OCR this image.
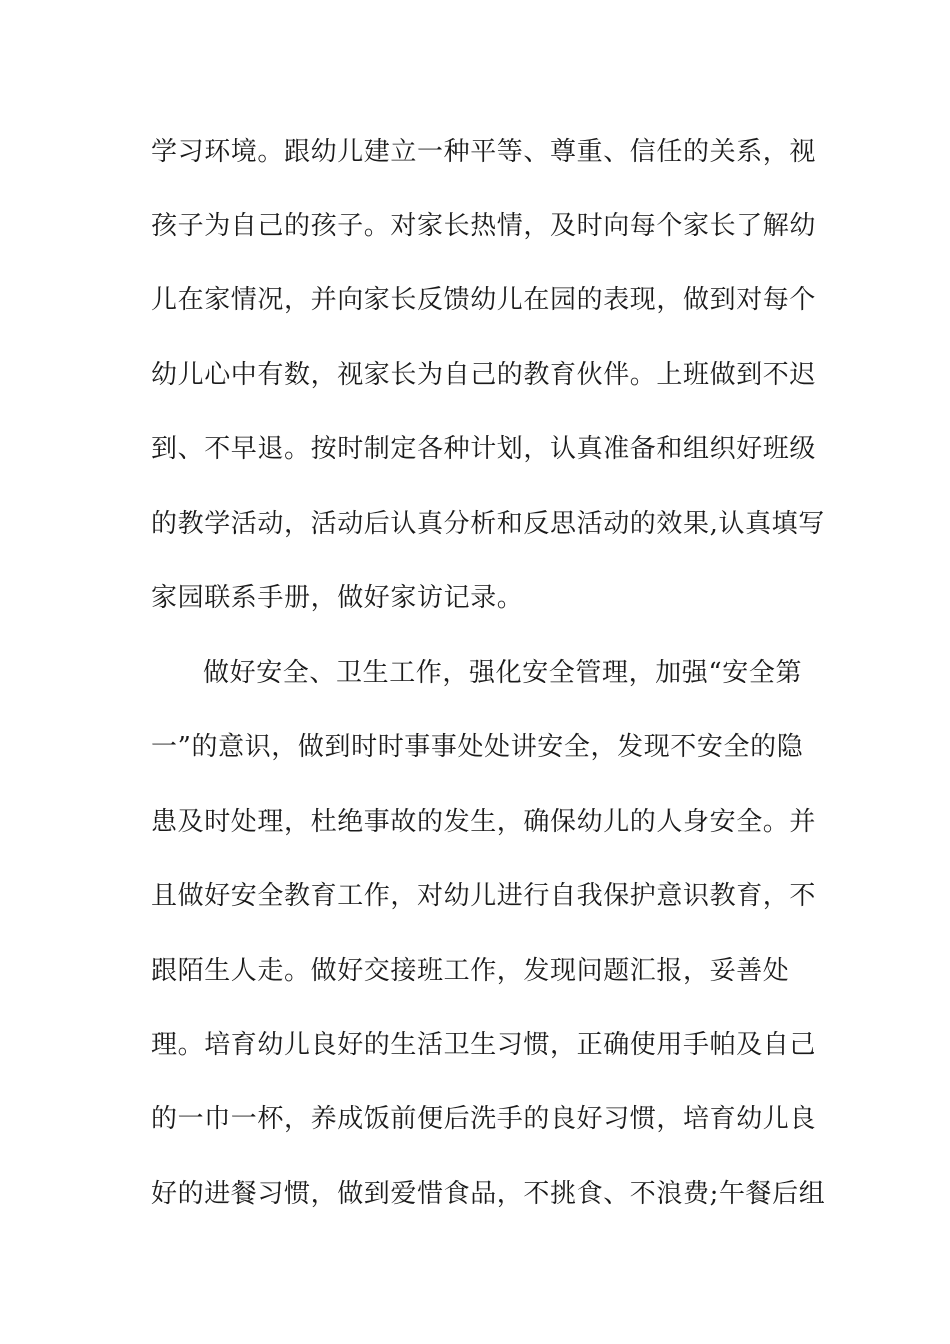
学习环境。跟幼儿建立一种平等、尊重、信任的关系，视
孩子为自己的孩子。对家长热情，及时向每个家长了解幼
儿在家情况，并向家长反馈幼儿在园的表现，做到对每个
幼儿心中有数，视家长为自己的教育伙伴。上班做到不迟
到、不早退。按时制定各种计划，认真准备和组织好班级
的教学活动，活动后认真分析和反思活动的效果,认真填写
家园联系手册，做好家访记录。
做好安全、卫生工作，强化安全管理，加强“安全第
一”的意识，做到时时事事处处讲安全，发现不安全的隐
患及时处理，杜绝事故的发生，确保幼儿的人身安全。并
且做好安全教育工作，对幼儿进行自我保护意识教育，不
跟陌生人走。做好交接班工作，发现问题汇报，妥善处
理。培育幼儿良好的生活卫生习惯，正确使用手帕及自己
的一巾一杯，养成饭前便后洗手的良好习惯，培育幼儿良
好的进餐习惯，做到爱惜食品，不挑食、不浪费;午餐后组
